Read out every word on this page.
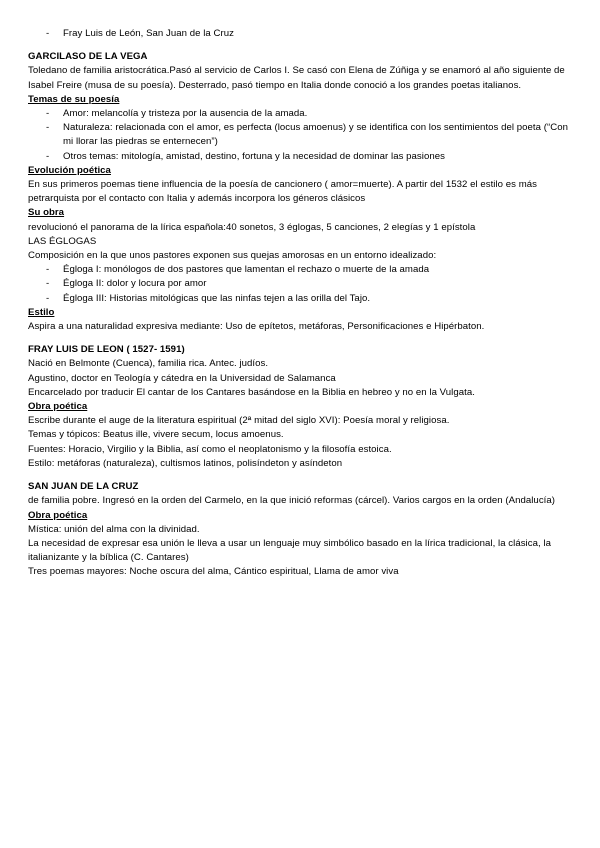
- Fray Luis de León, San Juan de la Cruz

GARCILASO DE LA VEGA

Toledano de familia aristocrática.Pasó al servicio de Carlos I. Se casó con Elena de Zúñiga y se enamoró al año siguiente de Isabel Freire (musa de su poesía). Desterrado, pasó tiempo en Italia donde conoció a los grandes poetas italianos.

Temas de su poesía

- Amor: melancolía y tristeza por la ausencia de la amada.
- Naturaleza: relacionada con el amor, es perfecta (locus amoenus) y se identifica con los sentimientos del poeta (“Con mi llorar las piedras se enternecen”)
- Otros temas: mitología, amistad, destino, fortuna y la necesidad de dominar las pasiones

Evolución poética

En sus primeros poemas tiene influencia de la poesía de cancionero ( amor=muerte). A partir del 1532 el estilo es más petrarquista por el contacto con Italia y además incorpora los géneros clásicos

Su obra

revolucionó el panorama de la lírica española:40 sonetos, 3 églogas, 5 canciones, 2 elegías y 1 epístola

LAS ÉGLOGAS

Composición en la que unos pastores exponen sus quejas amorosas en un entorno idealizado:

- Égloga I: monólogos de dos pastores que lamentan el rechazo o muerte de la amada
- Égloga II: dolor y locura por amor
- Égloga III: Historias mitológicas que las ninfas tejen a las orilla del Tajo.

Estilo

Aspira a una naturalidad expresiva mediante: Uso de epítetos, metáforas, Personificaciones e Hipérbaton.

FRAY LUIS DE LEON ( 1527- 1591)

Nació en Belmonte (Cuenca), familia rica. Antec. judíos.

Agustino, doctor en Teología y cátedra en la Universidad de Salamanca

Encarcelado por traducir El cantar de los Cantares basándose en la Biblia en hebreo y no en la Vulgata.

Obra poética

Escribe durante el auge de la literatura espiritual (2ª mitad del siglo XVI): Poesía moral y religiosa.

Temas y tópicos: Beatus ille, vivere secum, locus amoenus.

Fuentes: Horacio, Virgilio y la Biblia, así como el neoplatonismo y la filosofía estoica.

Estilo: metáforas (naturaleza), cultismos latinos, polisíndeton y asíndeton

SAN JUAN DE LA CRUZ

de familia pobre. Ingresó en la orden del Carmelo, en la que inició reformas (cárcel). Varios cargos en la orden (Andalucía)

Obra poética

Mística: unión del alma con la divinidad.

La necesidad de expresar esa unión le lleva a usar un lenguaje muy simbólico basado en la lírica tradicional, la clásica, la italianizante y la bíblica (C. Cantares)

Tres poemas mayores: Noche oscura del alma, Cántico espiritual, Llama de amor viva
